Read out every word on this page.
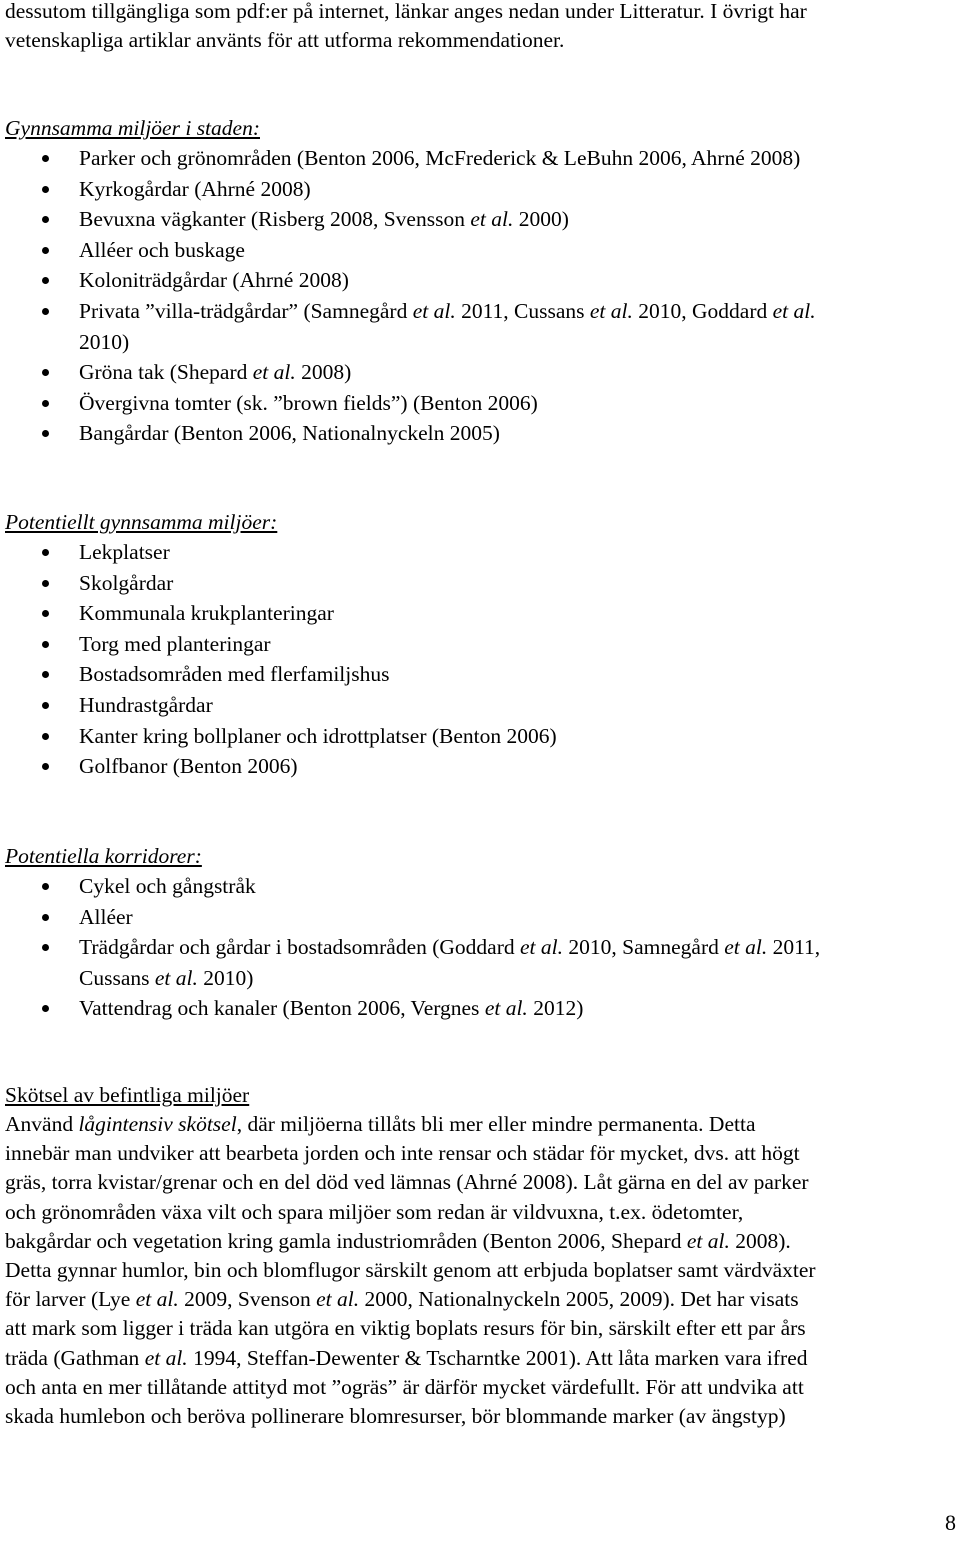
dessutom tillgängliga som pdf:er på internet, länkar anges nedan under Litteratur. I övrigt har
vetenskapliga artiklar använts för att utforma rekommendationer.
Gynnsamma miljöer i staden:
Parker och grönområden (Benton 2006, McFrederick & LeBuhn 2006, Ahrné 2008)
Kyrkogårdar (Ahrné 2008)
Bevuxna vägkanter (Risberg 2008, Svensson et al. 2000)
Alléer och buskage
Koloniträdgårdar (Ahrné 2008)
Privata ”villa-trädgårdar” (Samnegård et al. 2011, Cussans et al. 2010, Goddard et al.
2010)
Gröna tak (Shepard et al. 2008)
Övergivna tomter (sk. ”brown fields”) (Benton 2006)
Bangårdar (Benton 2006, Nationalnyckeln 2005)
Potentiellt gynnsamma miljöer:
Lekplatser
Skolgårdar
Kommunala krukplanteringar
Torg med planteringar
Bostadsområden med flerfamiljshus
Hundrastgårdar
Kanter kring bollplaner och idrottplatser (Benton 2006)
Golfbanor (Benton 2006)
Potentiella korridorer:
Cykel och gångstråk
Alléer
Trädgårdar och gårdar i bostadsområden (Goddard et al. 2010, Samnegård et al. 2011,
Cussans et al. 2010)
Vattendrag och kanaler (Benton 2006, Vergnes et al. 2012)
Skötsel av befintliga miljöer
Använd lågintensiv skötsel, där miljöerna tillåts bli mer eller mindre permanenta. Detta
innebär man undviker att bearbeta jorden och inte rensar och städar för mycket, dvs. att högt
gräs, torra kvistar/grenar och en del död ved lämnas (Ahrné 2008). Låt gärna en del av parker
och grönområden växa vilt och spara miljöer som redan är vildvuxna, t.ex. ödetomter,
bakgårdar och vegetation kring gamla industriområden (Benton 2006, Shepard et al. 2008).
Detta gynnar humlor, bin och blomflugor särskilt genom att erbjuda boplatser samt värdväxter
för larver (Lye et al. 2009, Svenson et al. 2000, Nationalnyckeln 2005, 2009). Det har visats
att mark som ligger i träda kan utgöra en viktig boplats resurs för bin, särskilt efter ett par års
träda (Gathman et al. 1994, Steffan-Dewenter & Tscharntke 2001). Att låta marken vara ifred
och anta en mer tillåtande attityd mot ”ogräs” är därför mycket värdefullt. För att undvika att
skada humlebon och beröva pollinerare blomresurser, bör blommande marker (av ängstyp)
8
